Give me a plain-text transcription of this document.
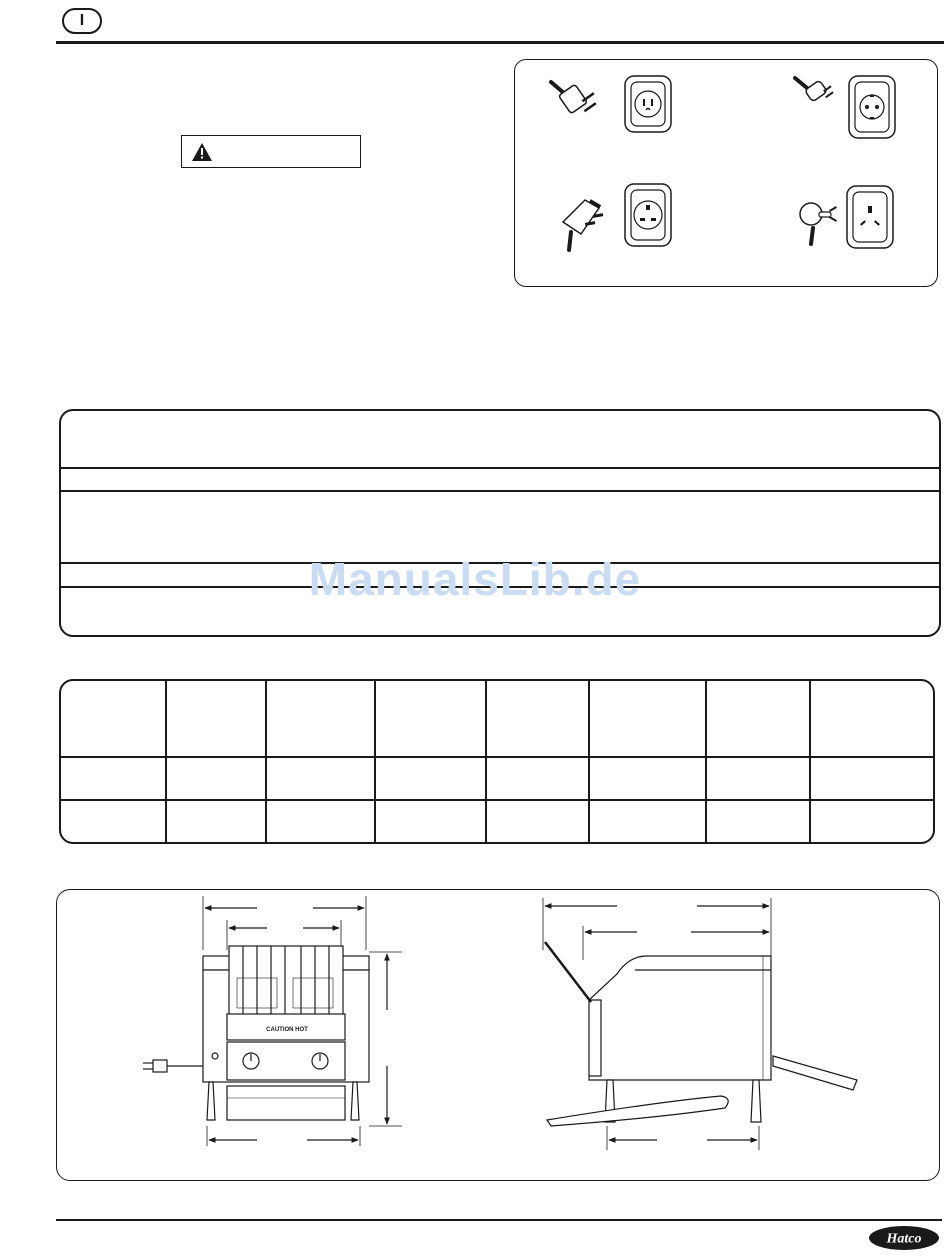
I
ManualsLib.de
CAUTION HOT
Hatco
